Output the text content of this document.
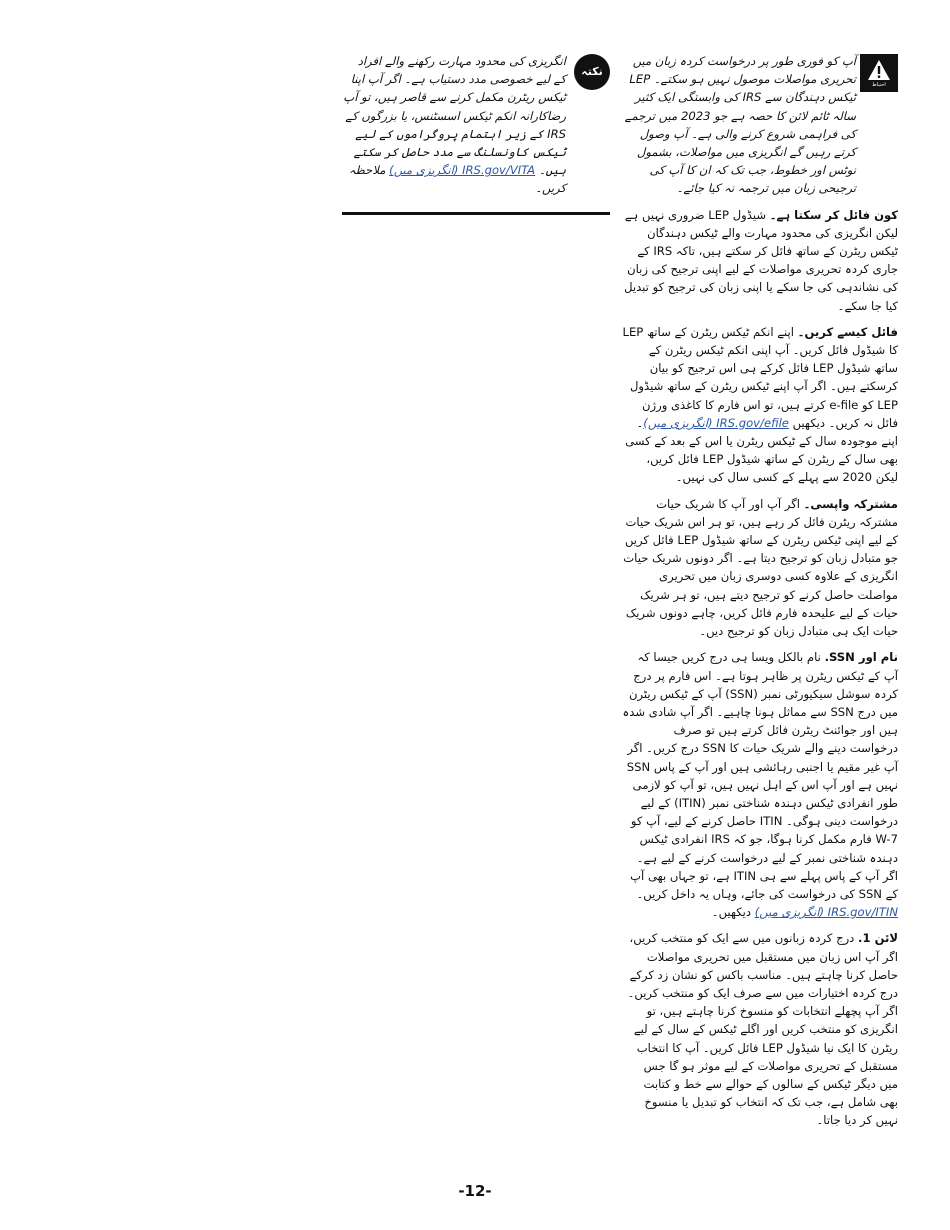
احتیاط

آپ کو فوری طور پر درخواست کردہ زبان میں تحریری مواصلات موصول نہیں ہو سکتے۔ LEP ٹیکس دہندگان سے IRS کی وابستگی ایک کثیر سالہ ٹائم لائن کا حصہ ہے جو 2023 میں ترجمے کی فراہمی شروع کرنے والی ہے۔ آپ وصول کرتے رہیں گے انگریزی میں مواصلات، بشمول نوٹس اور خطوط، جب تک کہ ان کا آپ کی ترجیحی زبان میں ترجمہ نہ کیا جائے۔

کون فائل کر سکتا ہے۔ شیڈول LEP ضروری نہیں ہے لیکن انگریزی کی محدود مہارت والے ٹیکس دہندگان ٹیکس ریٹرن کے ساتھ فائل کر سکتے ہیں، تاکہ IRS کے جاری کردہ تحریری مواصلات کے لیے اپنی ترجیح کی زبان کی نشاندہی کی جا سکے یا اپنی زبان کی ترجیح کو تبدیل کیا جا سکے۔

فائل کیسے کریں۔ اپنے انکم ٹیکس ریٹرن کے ساتھ LEP کا شیڈول فائل کریں۔ آپ اپنی انکم ٹیکس ریٹرن کے ساتھ شیڈول LEP فائل کرکے ہی اس ترجیح کو بیان کرسکتے ہیں۔ اگر آپ اپنے ٹیکس ریٹرن کے ساتھ شیڈول LEP کو e-file کرتے ہیں، تو اس فارم کا کاغذی ورژن فائل نہ کریں۔ دیکھیں IRS.gov/efile (انگریزی میں)۔ اپنے موجودہ سال کے ٹیکس ریٹرن یا اس کے بعد کے کسی بھی سال کے ریٹرن کے ساتھ شیڈول LEP فائل کریں، لیکن 2020 سے پہلے کے کسی سال کی نہیں۔

مشترکہ واپسی۔ اگر آپ اور آپ کا شریک حیات مشترکہ ریٹرن فائل کر رہے ہیں، تو ہر اس شریک حیات کے لیے اپنی ٹیکس ریٹرن کے ساتھ شیڈول LEP فائل کریں جو متبادل زبان کو ترجیح دیتا ہے۔ اگر دونوں شریک حیات انگریزی کے علاوہ کسی دوسری زبان میں تحریری مواصلت حاصل کرنے کو ترجیح دیتے ہیں، تو ہر شریک حیات کے لیے علیحدہ فارم فائل کریں، چاہے دونوں شریک حیات ایک ہی متبادل زبان کو ترجیح دیں۔

نام اور SSN. نام بالکل ویسا ہی درج کریں جیسا کہ آپ کے ٹیکس ریٹرن پر ظاہر ہوتا ہے۔ اس فارم پر درج کردہ سوشل سیکیورٹی نمبر (SSN) آپ کے ٹیکس ریٹرن میں درج SSN سے مماثل ہونا چاہیے۔ اگر آپ شادی شدہ ہیں اور جوائنٹ ریٹرن فائل کرتے ہیں تو صرف درخواست دینے والے شریک حیات کا SSN درج کریں۔ اگر آپ غیر مقیم یا اجنبی رہائشی ہیں اور آپ کے پاس SSN نہیں ہے اور آپ اس کے اہل نہیں ہیں، تو آپ کو لازمی طور انفرادی ٹیکس دہندہ شناختی نمبر (ITIN) کے لیے درخواست دینی ہوگی۔ ITIN حاصل کرنے کے لیے، آپ کو W-7 فارم مکمل کرنا ہوگا، جو کہ IRS انفرادی ٹیکس دہندہ شناختی نمبر کے لیے درخواست کرنے کے لیے ہے۔ اگر آپ کے پاس پہلے سے ہی ITIN ہے، تو جہاں بھی آپ کے SSN کی درخواست کی جائے، وہاں یہ داخل کریں۔ IRS.gov/ITIN (انگریزی میں) دیکھیں۔

لائن 1. درج کردہ زبانوں میں سے ایک کو منتخب کریں، اگر آپ اس زبان میں مستقبل میں تحریری مواصلات حاصل کرنا چاہتے ہیں۔ مناسب باکس کو نشان زد کرکے درج کردہ اختیارات میں سے صرف ایک کو منتخب کریں۔ اگر آپ پچھلے انتخابات کو منسوخ کرنا چاہتے ہیں، تو انگریزی کو منتخب کریں اور اگلے ٹیکس کے سال کے لیے ریٹرن کا ایک نیا شیڈول LEP فائل کریں۔ آپ کا انتخاب مستقبل کے تحریری مواصلات کے لیے موثر ہو گا جس میں دیگر ٹیکس کے سالوں کے حوالے سے خط و کتابت بھی شامل ہے، جب تک کہ انتخاب کو تبدیل یا منسوخ نہیں کر دیا جاتا۔

نکتہ

انگریزی کی محدود مہارت رکھنے والے افراد کے لیے خصوصی مدد دستیاب ہے۔ اگر آپ اپنا ٹیکس ریٹرن مکمل کرنے سے قاصر ہیں، تو آپ رضاکارانہ انکم ٹیکس اسسٹنس، یا بزرگوں کے IRS کے زیر اہتمام پروگراموں کے لیے ٹیکس کاونسلنگ سے مدد حاصل کر سکتے ہیں۔ IRS.gov/VITA (انگریزی میں) ملاحظہ کریں۔

-12-
